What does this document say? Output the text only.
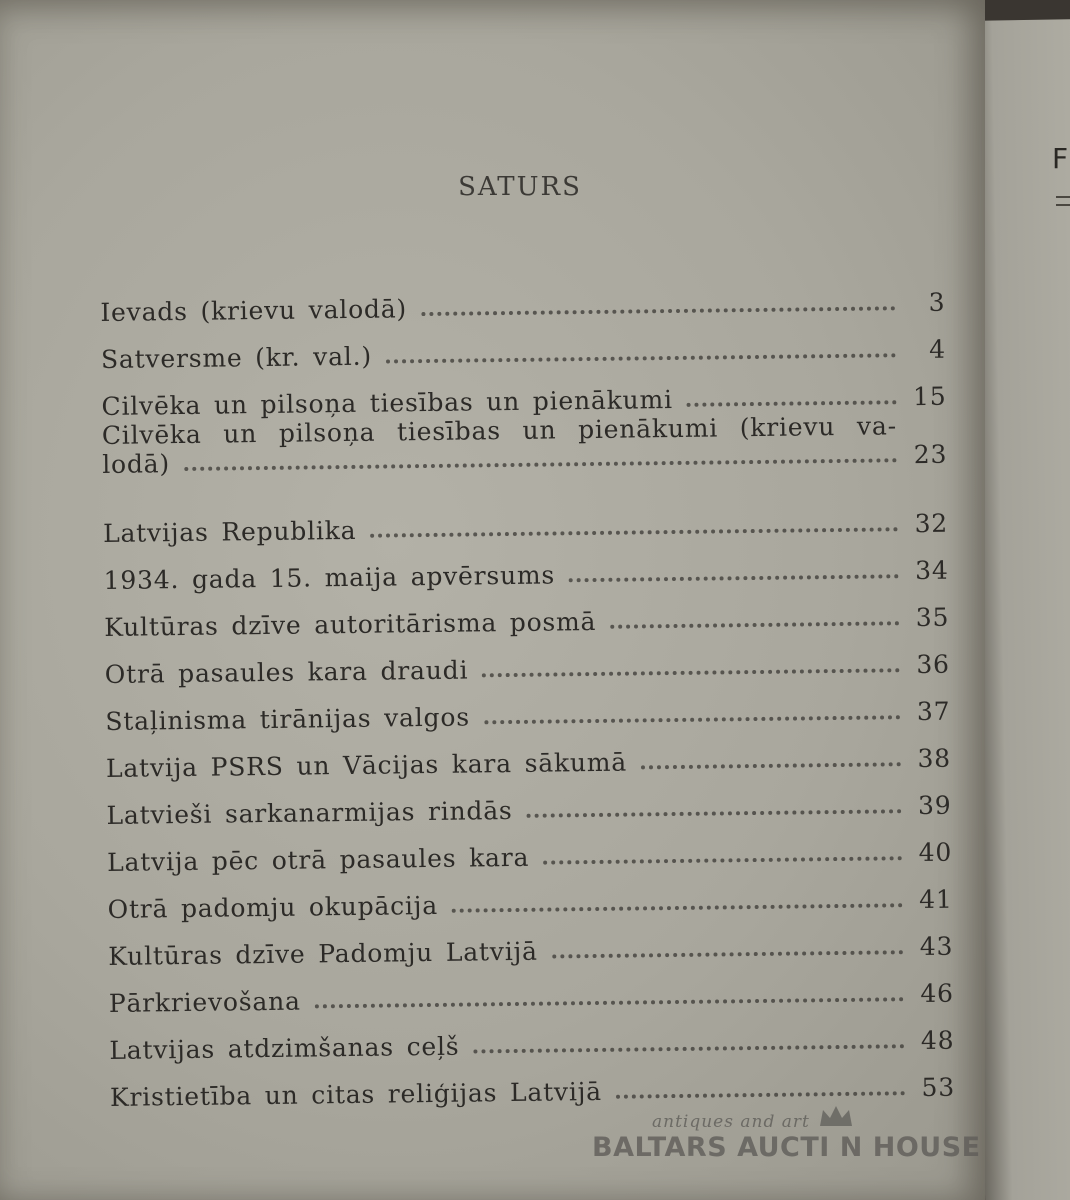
F
SATURS
Ievads (krievu valodā)	3
Satversme (kr. val.)	4
Cilvēka un pilsoņa tiesības un pienākumi	15
Cilvēka un pilsoņa tiesības un pienākumi (krievu va-
lodā)	23
Latvijas Republika	32
1934. gada 15. maija apvērsums	34
Kultūras dzīve autoritārisma posmā	35
Otrā pasaules kara draudi	36
Staļinisma tirānijas valgos	37
Latvija PSRS un Vācijas kara sākumā	38
Latvieši sarkanarmijas rindās	39
Latvija pēc otrā pasaules kara	40
Otrā padomju okupācija	41
Kultūras dzīve Padomju Latvijā	43
Pārkrievošana	46
Latvijas atdzimšanas ceļš	48
Kristietība un citas reliģijas Latvijā	53
antiques and art
BALTARS AUCTI N HOUSE
